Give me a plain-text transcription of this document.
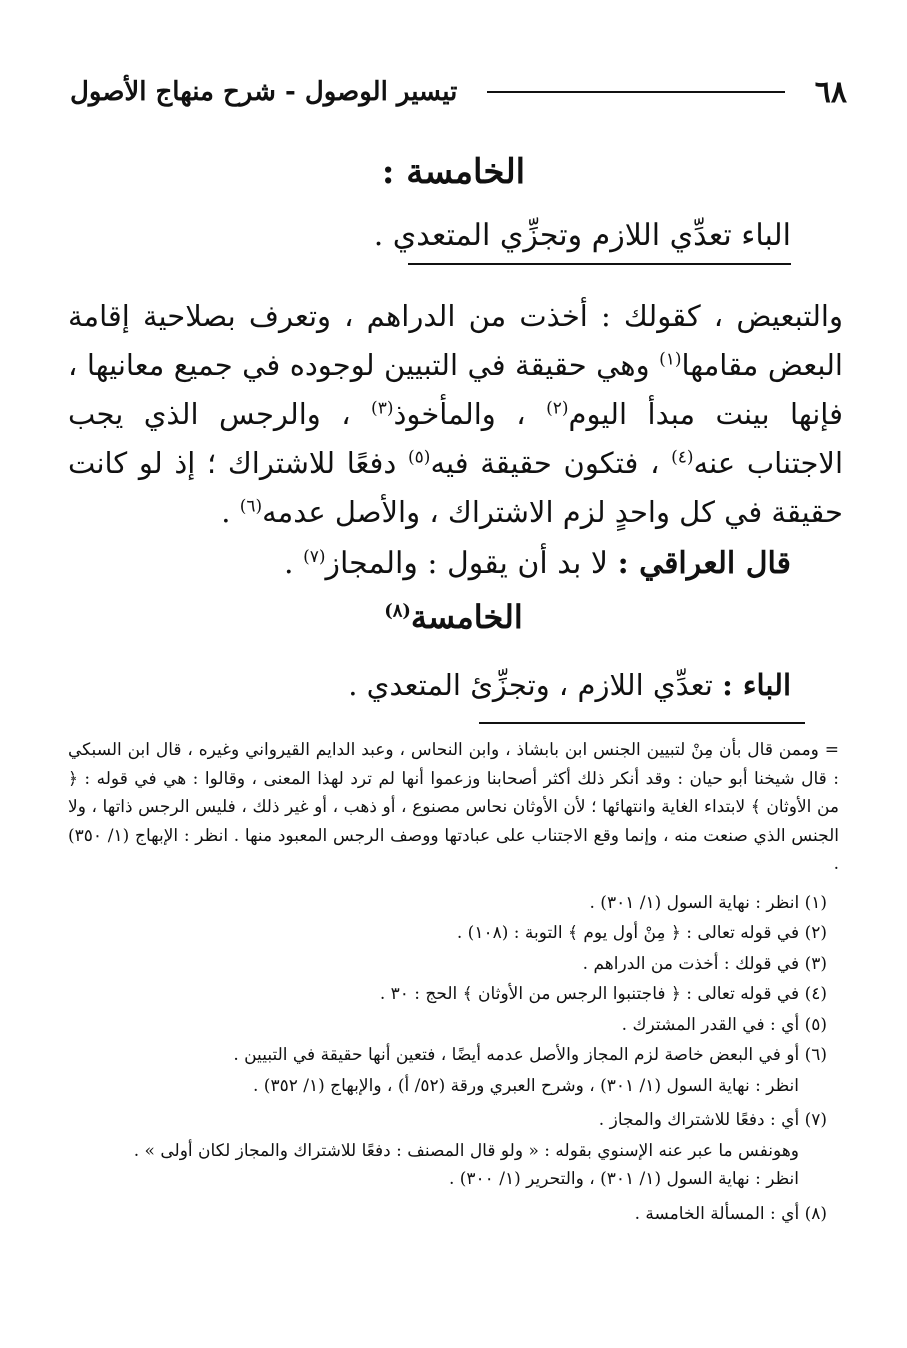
٦٨
تيسير الوصول - شرح منهاج الأصول
الخامسة :
الباء تعدِّي اللازم وتجزِّي المتعدي .

والتبعيض ، كقولك : أخذت من الدراهم ، وتعرف بصلاحية إقامة البعض مقامها$^{(١)}$ وهي حقيقة في التبيين لوجوده في جميع معانيها ، فإنها بينت مبدأ اليوم$^{(٢)}$ ، والمأخوذ$^{(٣)}$ ، والرجس الذي يجب الاجتناب عنه$^{(٤)}$ ، فتكون حقيقة فيه$^{(٥)}$ دفعًا للاشتراك ؛ إذ لو كانت حقيقة في كل واحدٍ لزم الاشتراك ، والأصل عدمه$^{(٦)}$ .

قال العراقي : لا بد أن يقول : والمجاز$^{(٧)}$ .
الخامسة$^{(٨)}$
الباء : تعدِّي اللازم ، وتجزِّئ المتعدي .

= وممن قال بأن مِنْ لتبيين الجنس ابن بابشاذ ، وابن النحاس ، وعبد الدايم القيرواني وغيره ، قال ابن السبكي : قال شيخنا أبو حيان : وقد أنكر ذلك أكثر أصحابنا وزعموا أنها لم ترد لهذا المعنى ، وقالوا : هي في قوله : ﴿ من الأوثان ﴾ لابتداء الغاية وانتهائها ؛ لأن الأوثان نحاس مصنوع ، أو ذهب ، أو غير ذلك ، فليس الرجس ذاتها ، ولا الجنس الذي صنعت منه ، وإنما وقع الاجتناب على عبادتها ووصف الرجس المعبود منها . انظر : الإبهاج (١/ ٣٥٠) .

(١) انظر : نهاية السول (١/ ٣٠١) .

(٢) في قوله تعالى : ﴿ مِنْ أول يوم ﴾ التوبة : (١٠٨) .

(٣) في قولك : أخذت من الدراهم .

(٤) في قوله تعالى : ﴿ فاجتنبوا الرجس من الأوثان ﴾ الحج : ٣٠ .

(٥) أي : في القدر المشترك .

(٦) أو في البعض خاصة لزم المجاز والأصل عدمه أيضًا ، فتعين أنها حقيقة في التبيين .

انظر : نهاية السول (١/ ٣٠١) ، وشرح العبري ورقة (٥٢/ أ) ، والإبهاج (١/ ٣٥٢) .

(٧) أي : دفعًا للاشتراك والمجاز .

وهونفس ما عبر عنه الإسنوي بقوله : « ولو قال المصنف : دفعًا للاشتراك والمجاز لكان أولى » .

انظر : نهاية السول (١/ ٣٠١) ، والتحرير (١/ ٣٠٠) .

(٨) أي : المسألة الخامسة .
